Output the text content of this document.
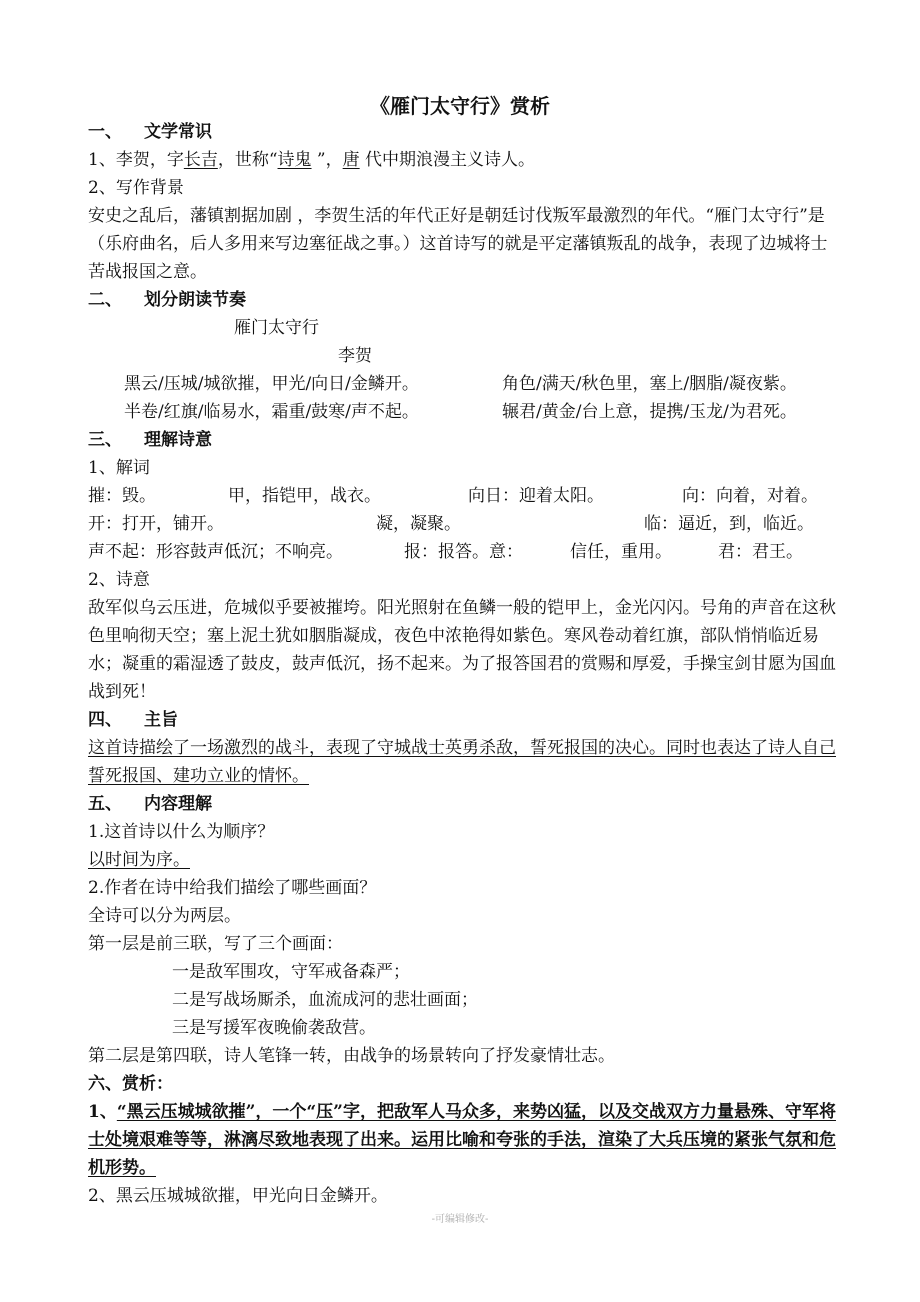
《雁门太守行》赏析
一、 文学常识
1、李贺，字长吉，世称“诗鬼 ”，唐 代中期浪漫主义诗人。
2、写作背景
安史之乱后，藩镇割据加剧 ，李贺生活的年代正好是朝廷讨伐叛军最激烈的年代。“雁门太守行”是（乐府曲名，后人多用来写边塞征战之事。）这首诗写的就是平定藩镇叛乱的战争，表现了边城将士苦战报国之意。
二、 划分朗读节奏
雁门太守行
李贺
黑云/压城/城欲摧，甲光/向日/金鳞开。	角色/满天/秋色里，塞上/胭脂/凝夜紫。
半卷/红旗/临易水，霜重/鼓寒/声不起。	辗君/黄金/台上意，提携/玉龙/为君死。
三、 理解诗意
1、解词
摧：毁。	甲，指铠甲，战衣。	向日：迎着太阳。	向：向着，对着。
开：打开，铺开。	凝，凝聚。	临：逼近，到，临近。
声不起：形容鼓声低沉；不响亮。	报：报答。意：	信任，重用。	君：君王。
2、诗意
敌军似乌云压进，危城似乎要被摧垮。阳光照射在鱼鳞一般的铠甲上，金光闪闪。号角的声音在这秋色里响彻天空；塞上泥土犹如胭脂凝成，夜色中浓艳得如紫色。寒风卷动着红旗，部队悄悄临近易水；凝重的霜湿透了鼓皮，鼓声低沉，扬不起来。为了报答国君的赏赐和厚爱，手操宝剑甘愿为国血战到死！
四、 主旨
这首诗描绘了一场激烈的战斗，表现了守城战士英勇杀敌，誓死报国的决心。同时也表达了诗人自己誓死报国、建功立业的情怀。
五、 内容理解
1.这首诗以什么为顺序？
以时间为序。
2.作者在诗中给我们描绘了哪些画面？
全诗可以分为两层。
第一层是前三联，写了三个画面：
一是敌军围攻，守军戒备森严；
二是写战场厮杀，血流成河的悲壮画面；
三是写援军夜晚偷袭敌营。
第二层是第四联，诗人笔锋一转，由战争的场景转向了抒发豪情壮志。
六、赏析：
1、“黑云压城城欲摧”，一个“压”字，把敌军人马众多，来势凶猛，以及交战双方力量悬殊、守军将士处境艰难等等，淋漓尽致地表现了出来。运用比喻和夸张的手法，渲染了大兵压境的紧张气氛和危机形势。
2、黑云压城城欲摧，甲光向日金鳞开。
-可编辑修改-
